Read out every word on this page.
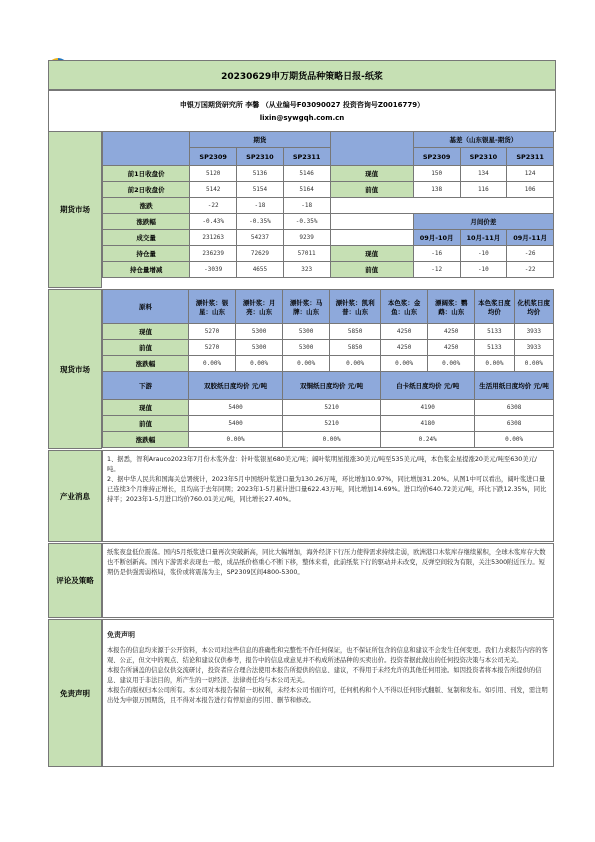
20230629申万期货品种策略日报-纸浆
申银万国期货研究所 李馨 （从业编号F03090027 投资咨询号Z0016779）
lixin@sywgqh.com.cn
期货市场
	期货				基差（山东银星-期货）		
	SP2309	SP2310	SP2311		SP2309	SP2310	SP2311
前1日收盘价	5120	5136	5146	现值	150	134	124
前2日收盘价	5142	5154	5164	前值	138	116	106
涨跌	-22	-18	-18				
涨跌幅	-0.43%	-0.35%	-0.35%		月间价差		
成交量	231263	54237	9239		09月-10月	10月-11月	09月-11月
持仓量	236239	72629	57011	现值	-16	-10	-26
持仓量增减	-3039	4655	323	前值	-12	-10	-22
现货市场
原料	漂针浆：银星：山东	漂针浆：月亮：山东	漂针浆：马牌：山东	漂针浆：凯利普：山东	本色浆：金鱼：山东	漂阔浆：鹦鹉：山东	本色浆日度均价	化机浆日度均价
现值	5270	5300	5300	5850	4250	4250	5133	3933
前值	5270	5300	5300	5850	4250	4250	5133	3933
涨跌幅	0.00%	0.00%	0.00%	0.00%	0.00%	0.00%	0.00%	0.00%
下游	双胶纸日度均价 元/吨		双铜纸日度均价 元/吨		白卡纸日度均价 元/吨		生活用纸日度均价 元/吨	
现值	5400		5210		4190		6308	
前值	5400		5210		4180		6308	
涨跌幅	0.00%		0.00%		0.24%		0.00%	
产业消息
1、据悉，智利Arauco2023年7月份木浆外盘：针叶浆银星680美元/吨；阔叶浆明星报涨30美元/吨至535美元/吨，本色浆金星提涨20美元/吨至630美元/吨。
2、据中华人民共和国海关总署统计，2023年5月中国纸叶浆进口量为130.26万吨，环比增加10.97%，同比增加31.20%。从图1中可以看出，阔叶浆进口量已连续3个月维持正增长，且均高于去年同期；2023年1-5月累计进口量622.43万吨，同比增加14.69%。进口均价640.72美元/吨，环比下跌12.35%，同比持平；2023年1-5月进口均价760.01美元/吨，同比增长27.40%。
评论及策略
纸浆夜盘低位震荡。国内5月纸浆进口量再次突破新高，同比大幅增加，海外经济下行压力使得需求持续走弱，欧洲港口木浆库存继续累积，全球木浆库存大数也不断创新高。国内下游需求表现也一般，成品纸价格重心不断下移，整体来看，此前纸浆下行的驱动并未改变，反弹空间较为有限，关注5300附近压力。短期仍是供强需弱格局，浆价或将震荡为主，SP2309区间4800-5300。
免责声明
免责声明
本报告的信息均来源于公开资料，本公司对这些信息的准确性和完整性不作任何保证，也不保证所包含的信息和建议不会发生任何变更。我们力求报告内容的客观、公正，但文中的观点、结论和建议仅供参考，报告中的信息或意见并不构成所述品种的买卖出价。投资者据此做出的任何投资决策与本公司无关。
本报告所涵盖的信息仅供交流研讨，投资者应合理合法使用本报告所提供的信息、建议，不得用于未经允许的其他任何用途。如因投资者将本报告所提供的信息、建议用于非法目的，所产生的一切经济、法律责任均与本公司无关。
本报告的版权归本公司所有。本公司对本报告保留一切权利，未经本公司书面许可，任何机构和个人不得以任何形式翻版、复制和发布。如引用、刊发，需注明出处为申银万国期货，且不得对本报告进行有悖原意的引用、删节和修改。
